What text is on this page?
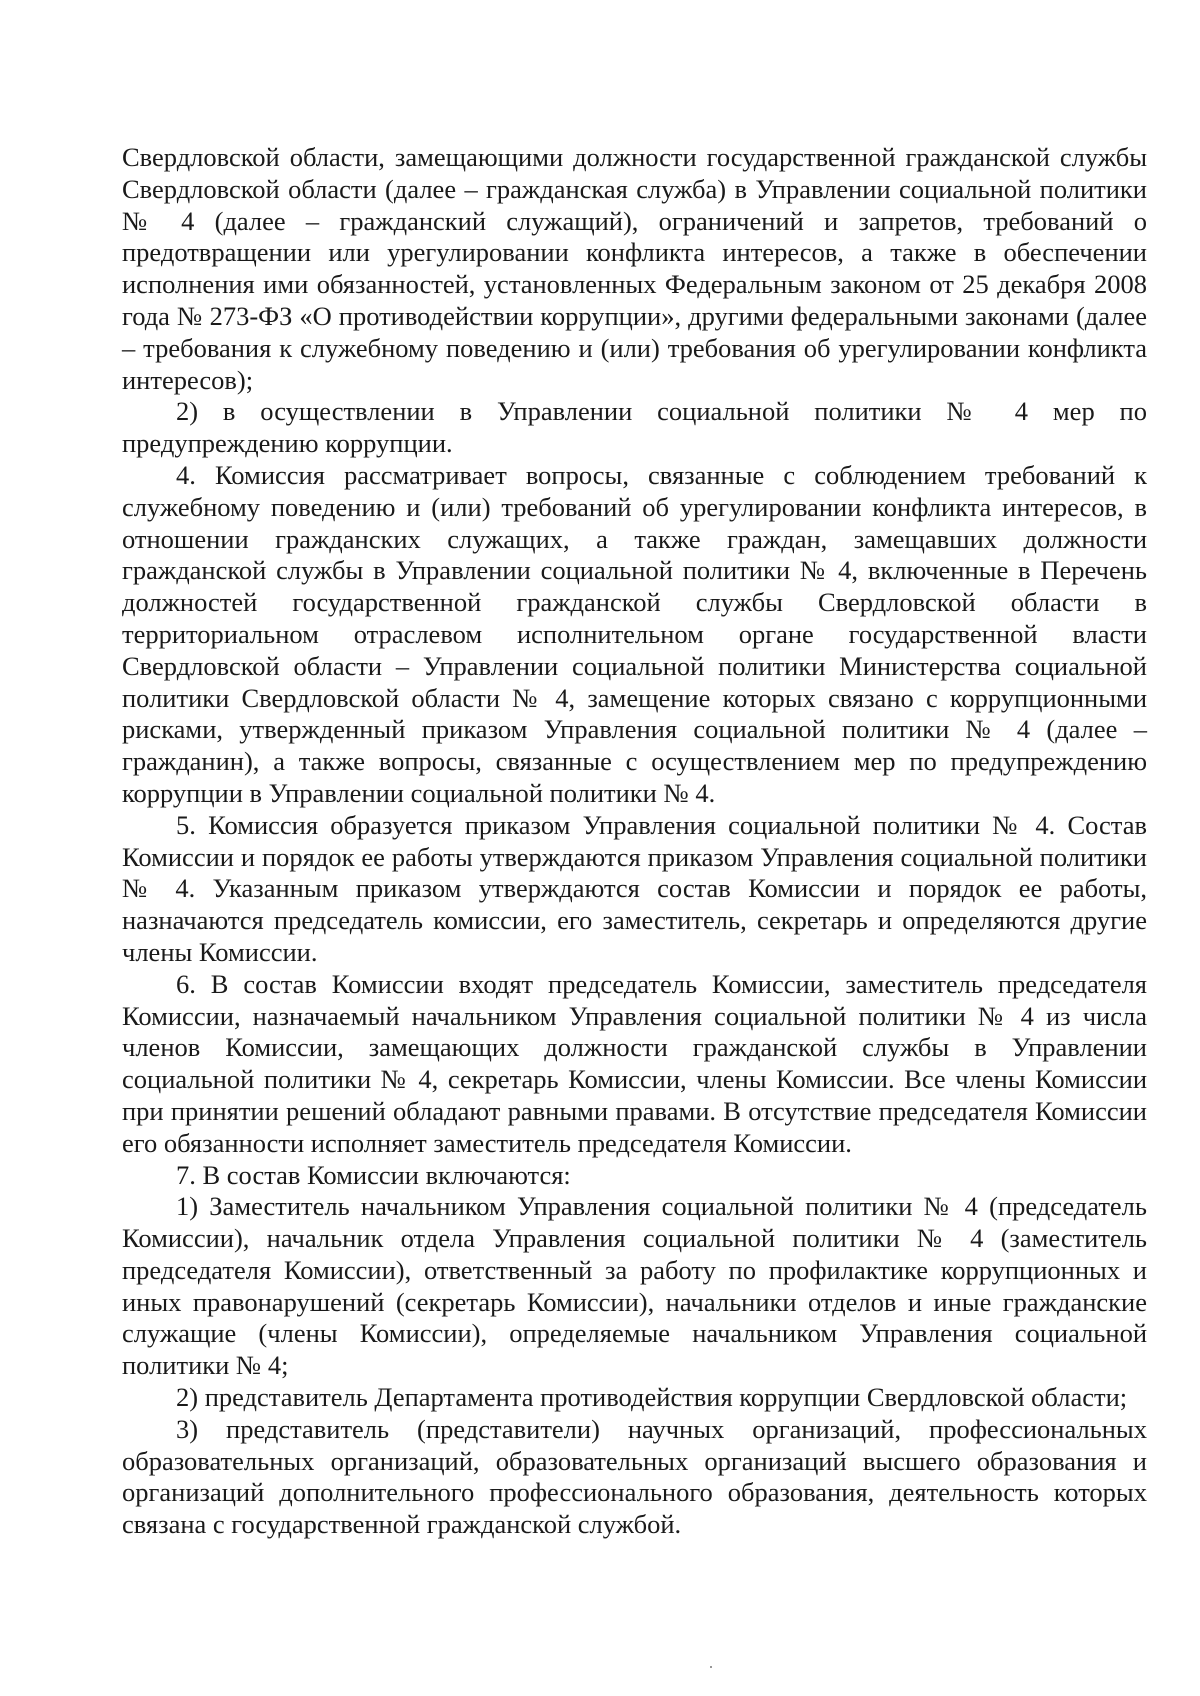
Свердловской области, замещающими должности государственной гражданской службы Свердловской области (далее – гражданская служба) в Управлении социальной политики № 4 (далее – гражданский служащий), ограничений и запретов, требований о предотвращении или урегулировании конфликта интересов, а также в обеспечении исполнения ими обязанностей, установленных Федеральным законом от 25 декабря 2008 года № 273-ФЗ «О противодействии коррупции», другими федеральными законами (далее – требования к служебному поведению и (или) требования об урегулировании конфликта интересов);

2) в осуществлении в Управлении социальной политики № 4 мер по предупреждению коррупции.

4. Комиссия рассматривает вопросы, связанные с соблюдением требований к служебному поведению и (или) требований об урегулировании конфликта интересов, в отношении гражданских служащих, а также граждан, замещавших должности гражданской службы в Управлении социальной политики № 4, включенные в Перечень должностей государственной гражданской службы Свердловской области в территориальном отраслевом исполнительном органе государственной власти Свердловской области – Управлении социальной политики Министерства социальной политики Свердловской области № 4, замещение которых связано с коррупционными рисками, утвержденный приказом Управления социальной политики № 4 (далее – гражданин), а также вопросы, связанные с осуществлением мер по предупреждению коррупции в Управлении социальной политики № 4.

5. Комиссия образуется приказом Управления социальной политики № 4. Состав Комиссии и порядок ее работы утверждаются приказом Управления социальной политики № 4. Указанным приказом утверждаются состав Комиссии и порядок ее работы, назначаются председатель комиссии, его заместитель, секретарь и определяются другие члены Комиссии.

6. В состав Комиссии входят председатель Комиссии, заместитель председателя Комиссии, назначаемый начальником Управления социальной политики № 4 из числа членов Комиссии, замещающих должности гражданской службы в Управлении социальной политики № 4, секретарь Комиссии, члены Комиссии. Все члены Комиссии при принятии решений обладают равными правами. В отсутствие председателя Комиссии его обязанности исполняет заместитель председателя Комиссии.

7. В состав Комиссии включаются:

1) Заместитель начальником Управления социальной политики № 4 (председатель Комиссии), начальник отдела Управления социальной политики № 4 (заместитель председателя Комиссии), ответственный за работу по профилактике коррупционных и иных правонарушений (секретарь Комиссии), начальники отделов и иные гражданские служащие (члены Комиссии), определяемые начальником Управления социальной политики № 4;

2) представитель Департамента противодействия коррупции Свердловской области;

3) представитель (представители) научных организаций, профессиональных образовательных организаций, образовательных организаций высшего образования и организаций дополнительного профессионального образования, деятельность которых связана с государственной гражданской службой.
